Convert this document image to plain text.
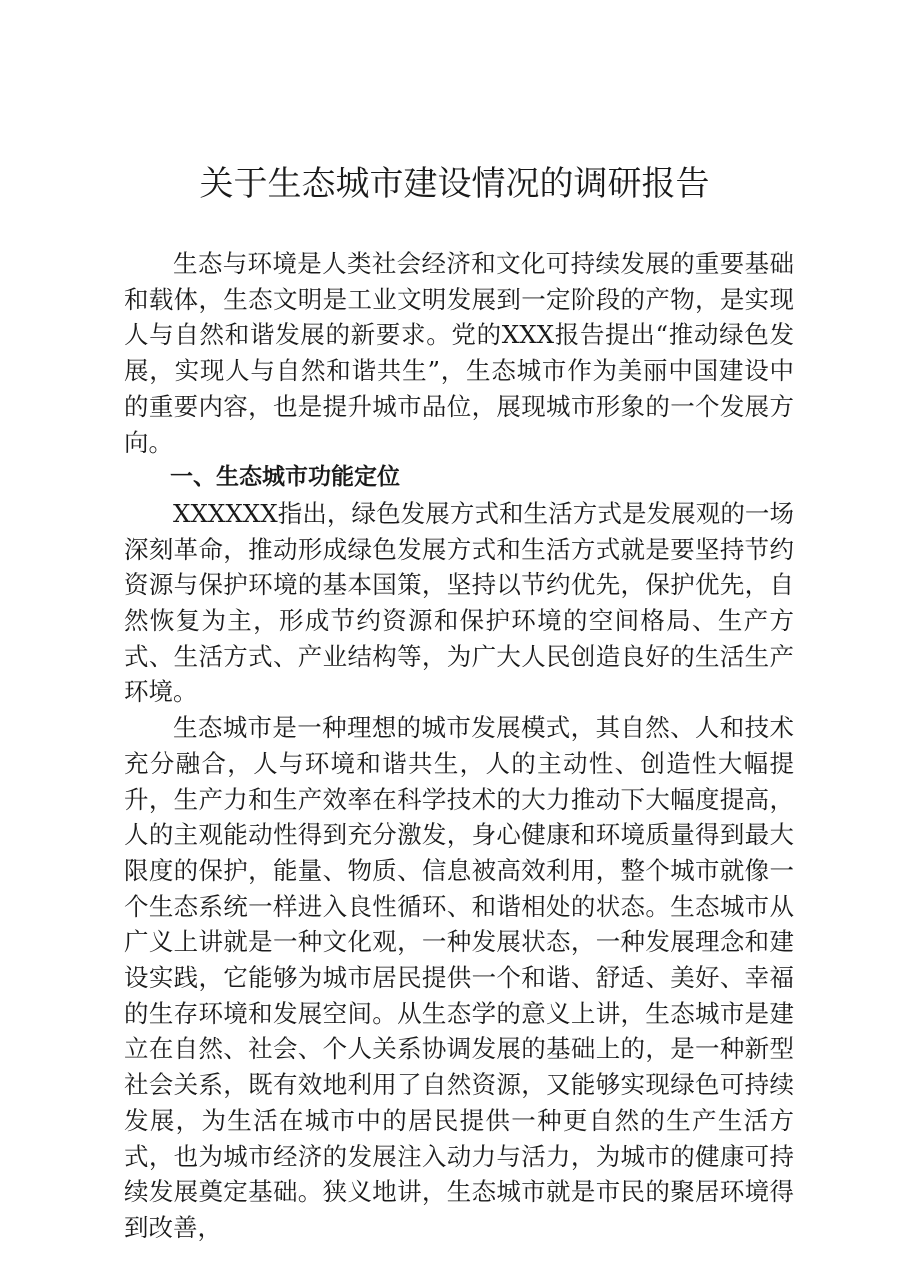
关于生态城市建设情况的调研报告

生态与环境是人类社会经济和文化可持续发展的重要基础和载体，生态文明是工业文明发展到一定阶段的产物，是实现人与自然和谐发展的新要求。党的XXX报告提出“推动绿色发展，实现人与自然和谐共生”，生态城市作为美丽中国建设中的重要内容，也是提升城市品位，展现城市形象的一个发展方向。

一、生态城市功能定位

XXXXXX指出，绿色发展方式和生活方式是发展观的一场深刻革命，推动形成绿色发展方式和生活方式就是要坚持节约资源与保护环境的基本国策，坚持以节约优先，保护优先，自然恢复为主，形成节约资源和保护环境的空间格局、生产方式、生活方式、产业结构等，为广大人民创造良好的生活生产环境。

生态城市是一种理想的城市发展模式，其自然、人和技术充分融合，人与环境和谐共生，人的主动性、创造性大幅提升，生产力和生产效率在科学技术的大力推动下大幅度提高，人的主观能动性得到充分激发，身心健康和环境质量得到最大限度的保护，能量、物质、信息被高效利用，整个城市就像一个生态系统一样进入良性循环、和谐相处的状态。生态城市从广义上讲就是一种文化观，一种发展状态，一种发展理念和建设实践，它能够为城市居民提供一个和谐、舒适、美好、幸福的生存环境和发展空间。从生态学的意义上讲，生态城市是建立在自然、社会、个人关系协调发展的基础上的，是一种新型社会关系，既有效地利用了自然资源，又能够实现绿色可持续发展，为生活在城市中的居民提供一种更自然的生产生活方式，也为城市经济的发展注入动力与活力，为城市的健康可持续发展奠定基础。狭义地讲，生态城市就是市民的聚居环境得到改善，
